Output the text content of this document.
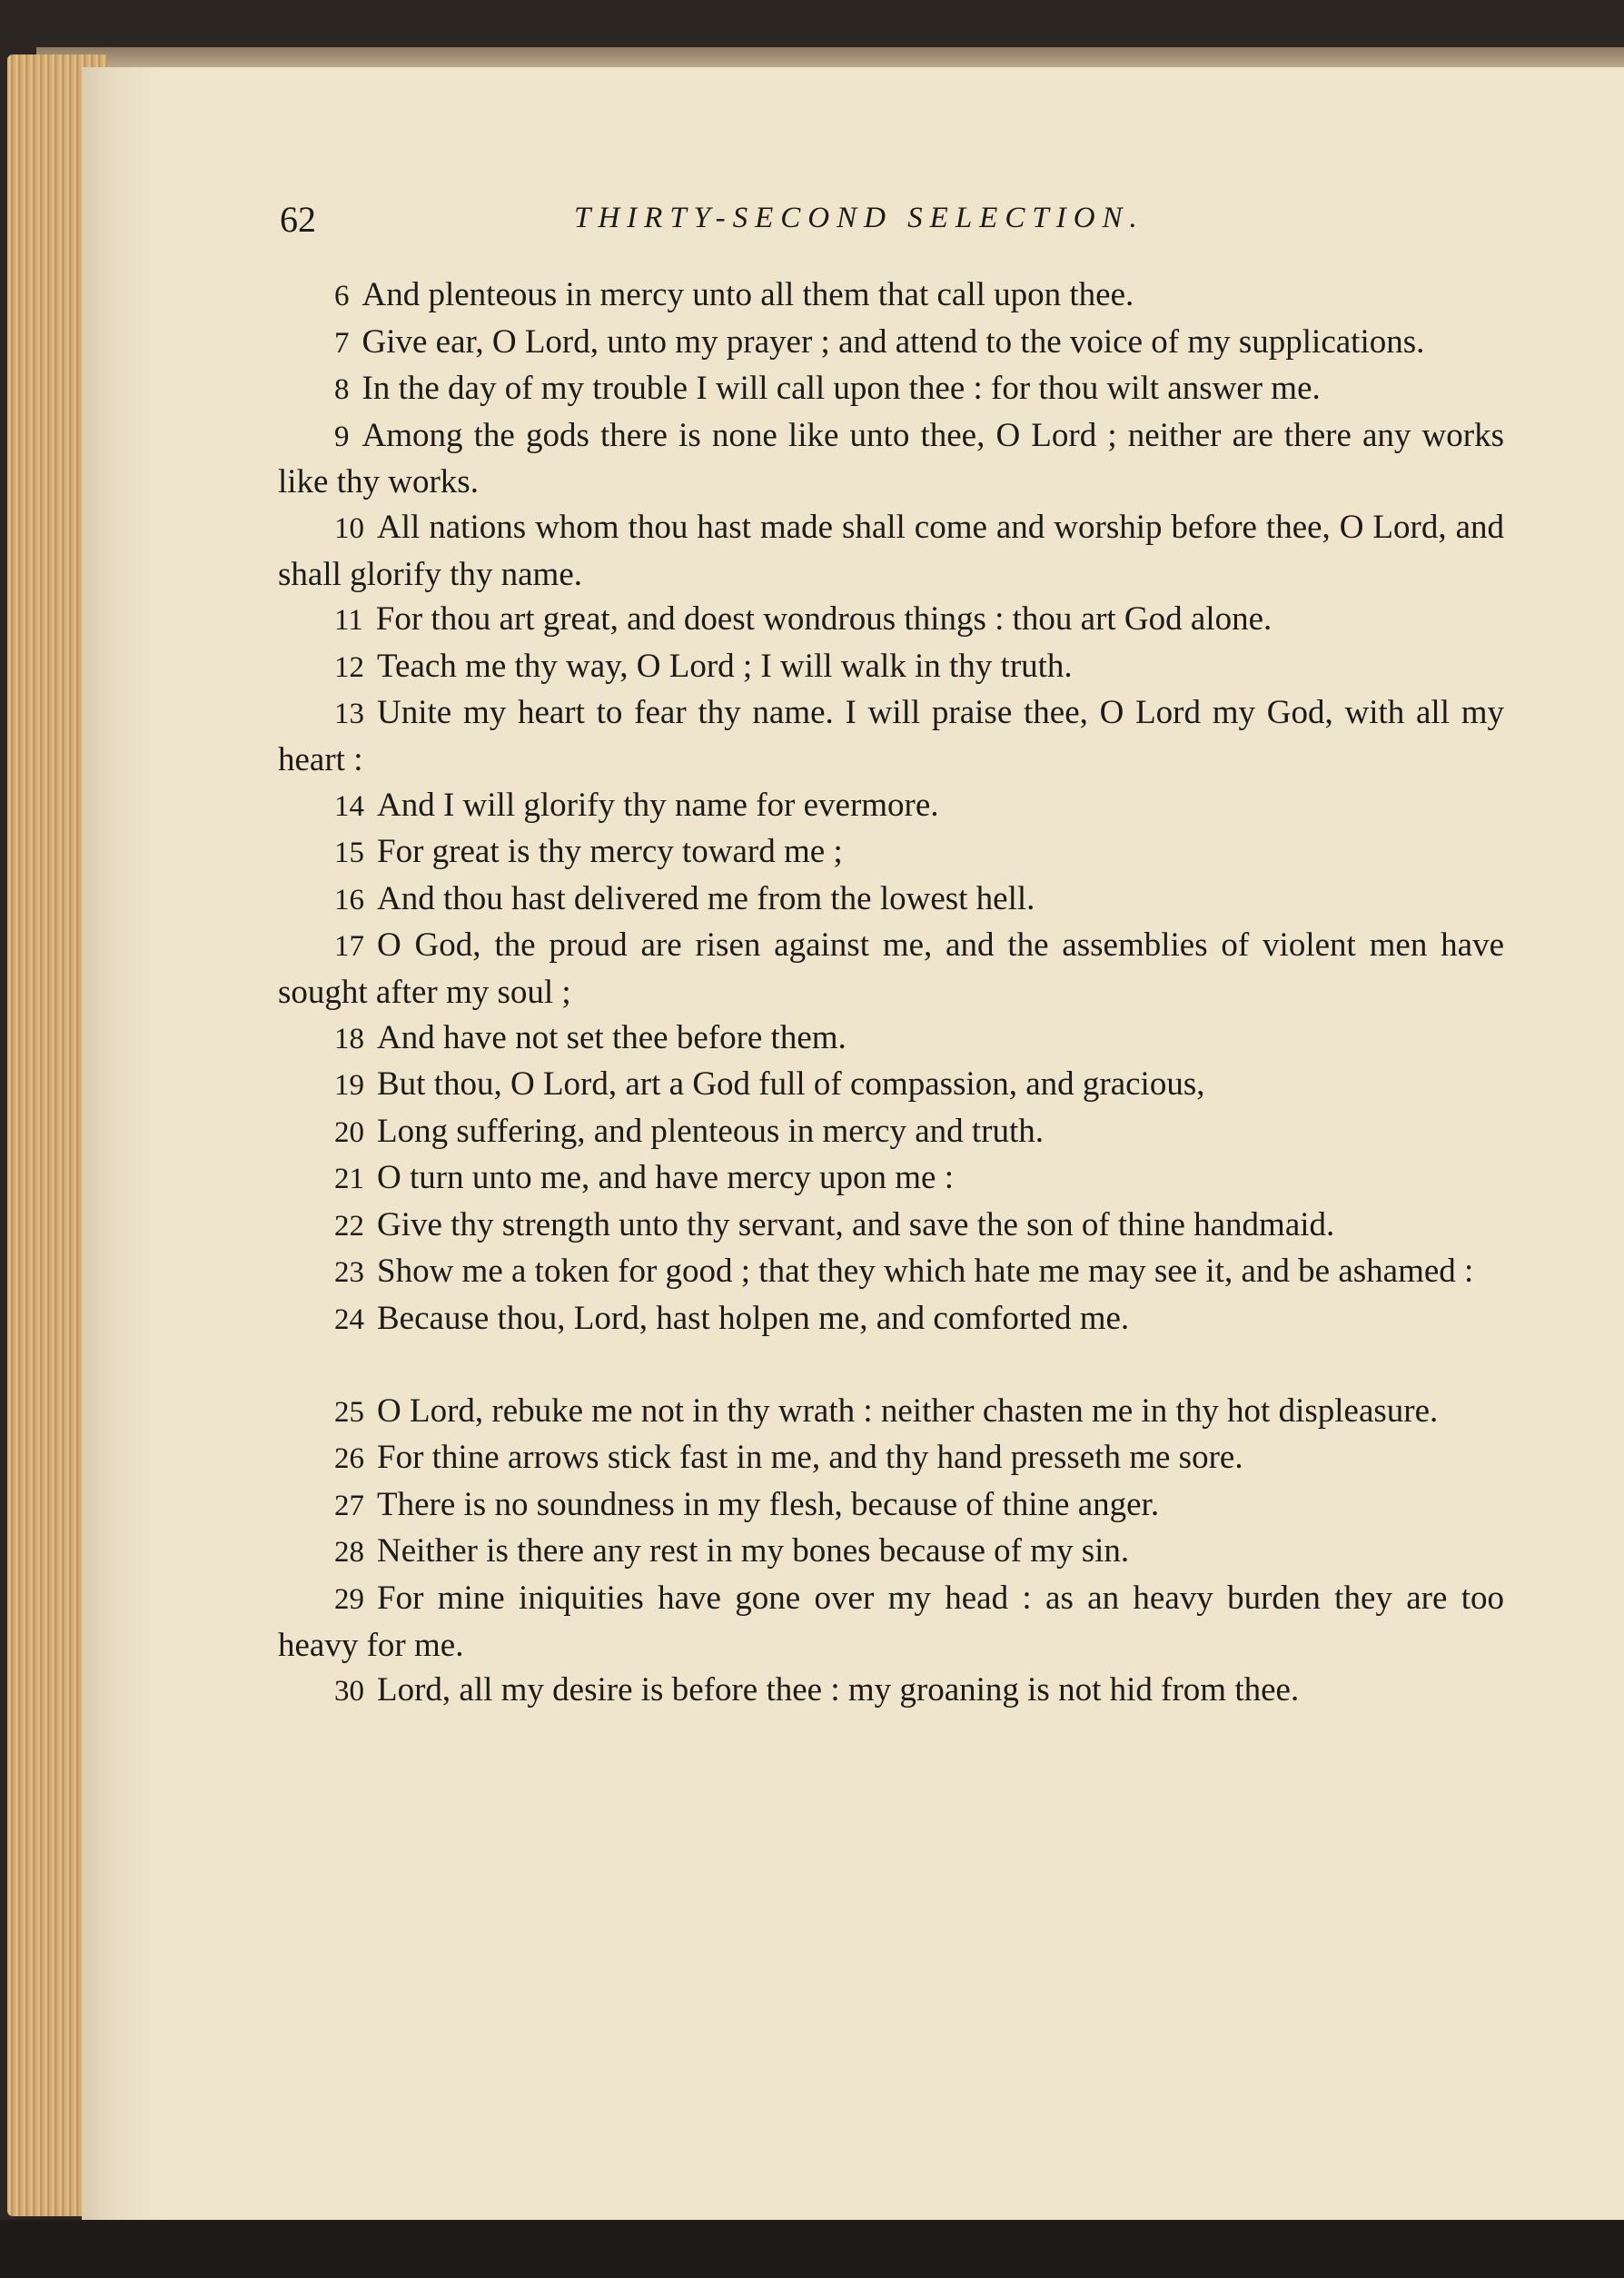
62	THIRTY-SECOND SELECTION.

6 And plenteous in mercy unto all them that call upon thee.

7 Give ear, O Lord, unto my prayer ; and attend to the voice of my supplications.

8 In the day of my trouble I will call upon thee : for thou wilt answer me.

9 Among the gods there is none like unto thee, O Lord ; neither are there any works like thy works.

10 All nations whom thou hast made shall come and worship before thee, O Lord, and shall glorify thy name.

11 For thou art great, and doest wondrous things : thou art God alone.

12 Teach me thy way, O Lord ; I will walk in thy truth.

13 Unite my heart to fear thy name. I will praise thee, O Lord my God, with all my heart :

14 And I will glorify thy name for evermore.

15 For great is thy mercy toward me ;

16 And thou hast delivered me from the lowest hell.

17 O God, the proud are risen against me, and the assemblies of violent men have sought after my soul ;

18 And have not set thee before them.

19 But thou, O Lord, art a God full of compassion, and gracious,

20 Long suffering, and plenteous in mercy and truth.

21 O turn unto me, and have mercy upon me :

22 Give thy strength unto thy servant, and save the son of thine handmaid.

23 Show me a token for good ; that they which hate me may see it, and be ashamed :

24 Because thou, Lord, hast holpen me, and comforted me.

25 O Lord, rebuke me not in thy wrath : neither chasten me in thy hot displeasure.

26 For thine arrows stick fast in me, and thy hand presseth me sore.

27 There is no soundness in my flesh, because of thine anger.

28 Neither is there any rest in my bones because of my sin.

29 For mine iniquities have gone over my head : as an heavy burden they are too heavy for me.

30 Lord, all my desire is before thee : my groaning is not hid from thee.
